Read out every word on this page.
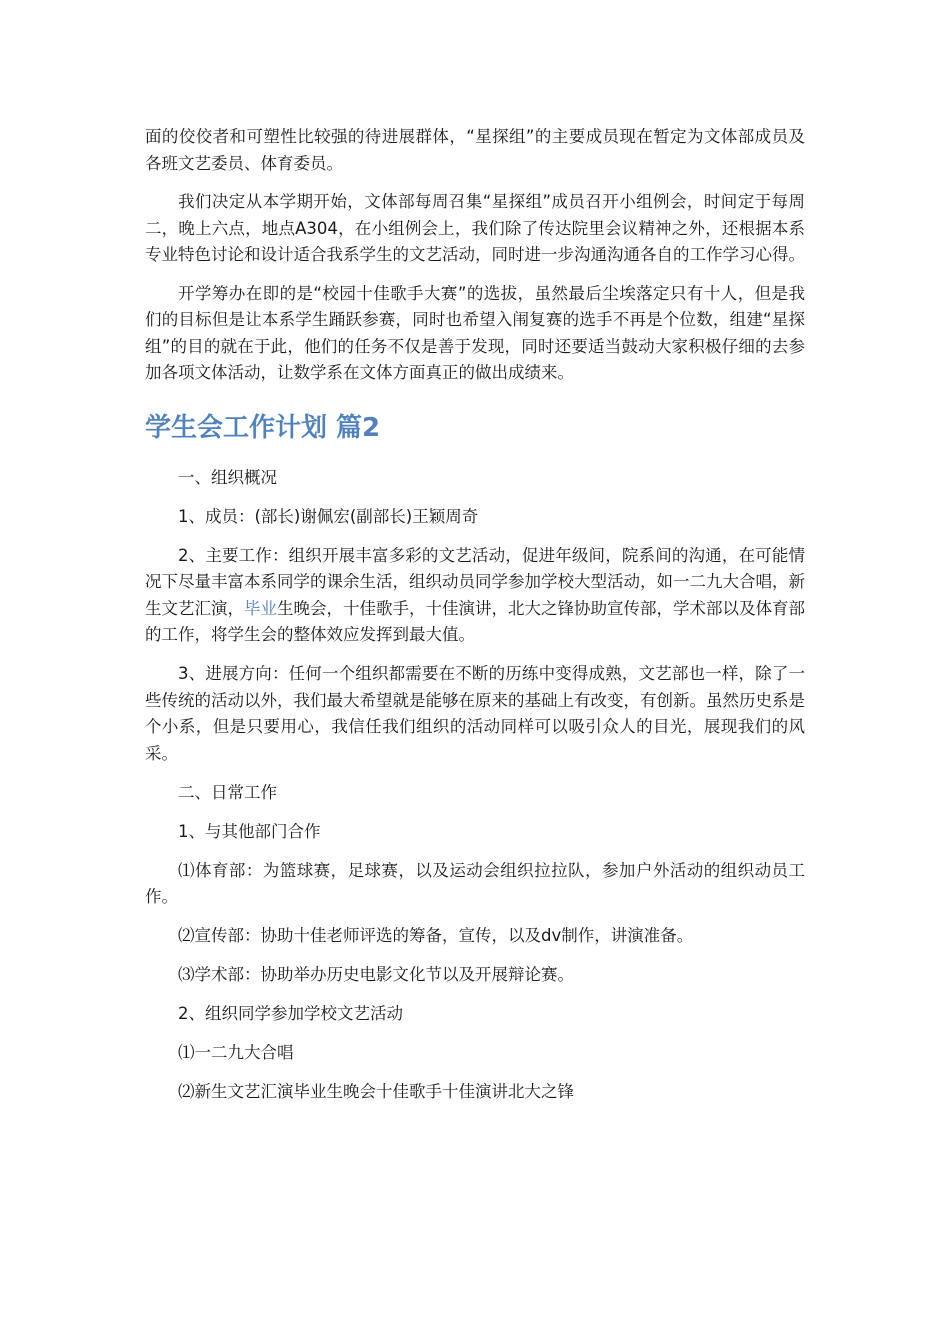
面的佼佼者和可塑性比较强的待进展群体，“星探组”的主要成员现在暂定为文体部成员及各班文艺委员、体育委员。

我们决定从本学期开始，文体部每周召集“星探组”成员召开小组例会，时间定于每周二，晚上六点，地点A304，在小组例会上，我们除了传达院里会议精神之外，还根据本系专业特色讨论和设计适合我系学生的文艺活动，同时进一步沟通沟通各自的工作学习心得。

开学筹办在即的是“校园十佳歌手大赛”的选拔，虽然最后尘埃落定只有十人，但是我们的目标但是让本系学生踊跃参赛，同时也希望入闱复赛的选手不再是个位数，组建“星探组”的目的就在于此，他们的任务不仅是善于发现，同时还要适当鼓动大家积极仔细的去参加各项文体活动，让数学系在文体方面真正的做出成绩来。

学生会工作计划 篇2

一、组织概况

1、成员：(部长)谢佩宏(副部长)王颖周奇

2、主要工作：组织开展丰富多彩的文艺活动，促进年级间，院系间的沟通，在可能情况下尽量丰富本系同学的课余生活，组织动员同学参加学校大型活动，如一二九大合唱，新生文艺汇演，毕业生晚会，十佳歌手，十佳演讲，北大之锋协助宣传部，学术部以及体育部的工作，将学生会的整体效应发挥到最大值。

3、进展方向：任何一个组织都需要在不断的历练中变得成熟，文艺部也一样，除了一些传统的活动以外，我们最大希望就是能够在原来的基础上有改变，有创新。虽然历史系是个小系，但是只要用心，我信任我们组织的活动同样可以吸引众人的目光，展现我们的风采。

二、日常工作

1、与其他部门合作

⑴体育部：为篮球赛，足球赛，以及运动会组织拉拉队，参加户外活动的组织动员工作。

⑵宣传部：协助十佳老师评选的筹备，宣传，以及dv制作，讲演准备。

⑶学术部：协助举办历史电影文化节以及开展辩论赛。

2、组织同学参加学校文艺活动

⑴一二九大合唱

⑵新生文艺汇演毕业生晚会十佳歌手十佳演讲北大之锋
